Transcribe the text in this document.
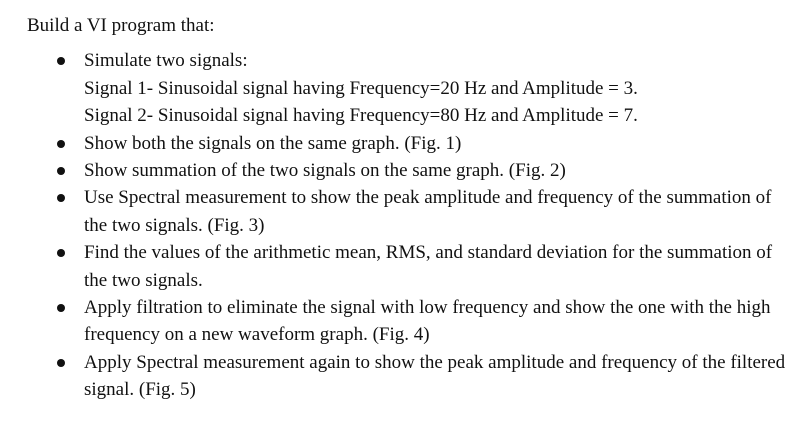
Build a VI program that:

Simulate two signals:
Signal 1- Sinusoidal signal having Frequency=20 Hz and Amplitude = 3.
Signal 2- Sinusoidal signal having Frequency=80 Hz and Amplitude = 7.
Show both the signals on the same graph. (Fig. 1)
Show summation of the two signals on the same graph. (Fig. 2)
Use Spectral measurement to show the peak amplitude and frequency of the summation of the two signals. (Fig. 3)
Find the values of the arithmetic mean, RMS, and standard deviation for the summation of the two signals.
Apply filtration to eliminate the signal with low frequency and show the one with the high frequency on a new waveform graph. (Fig. 4)
Apply Spectral measurement again to show the peak amplitude and frequency of the filtered signal. (Fig. 5)
